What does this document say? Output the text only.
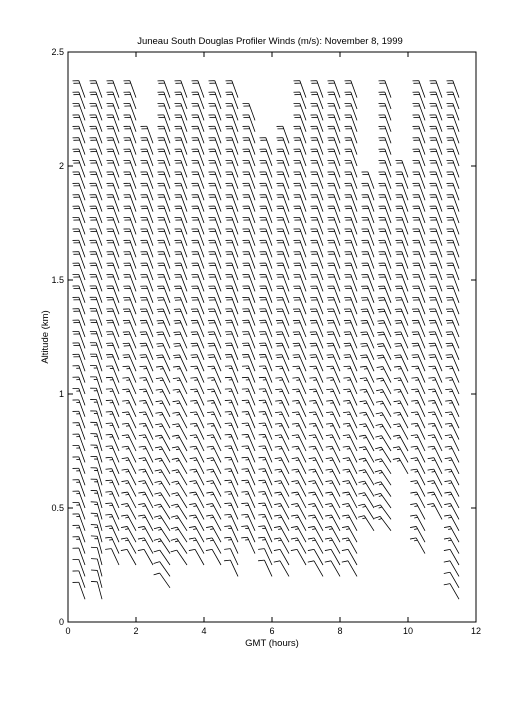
Juneau South Douglas Profiler Winds (m/s): November 8, 1999
0	2	4	6	8	10	12
0
0.5
1
1.5
2
2.5
GMT (hours)
Altitude (km)
